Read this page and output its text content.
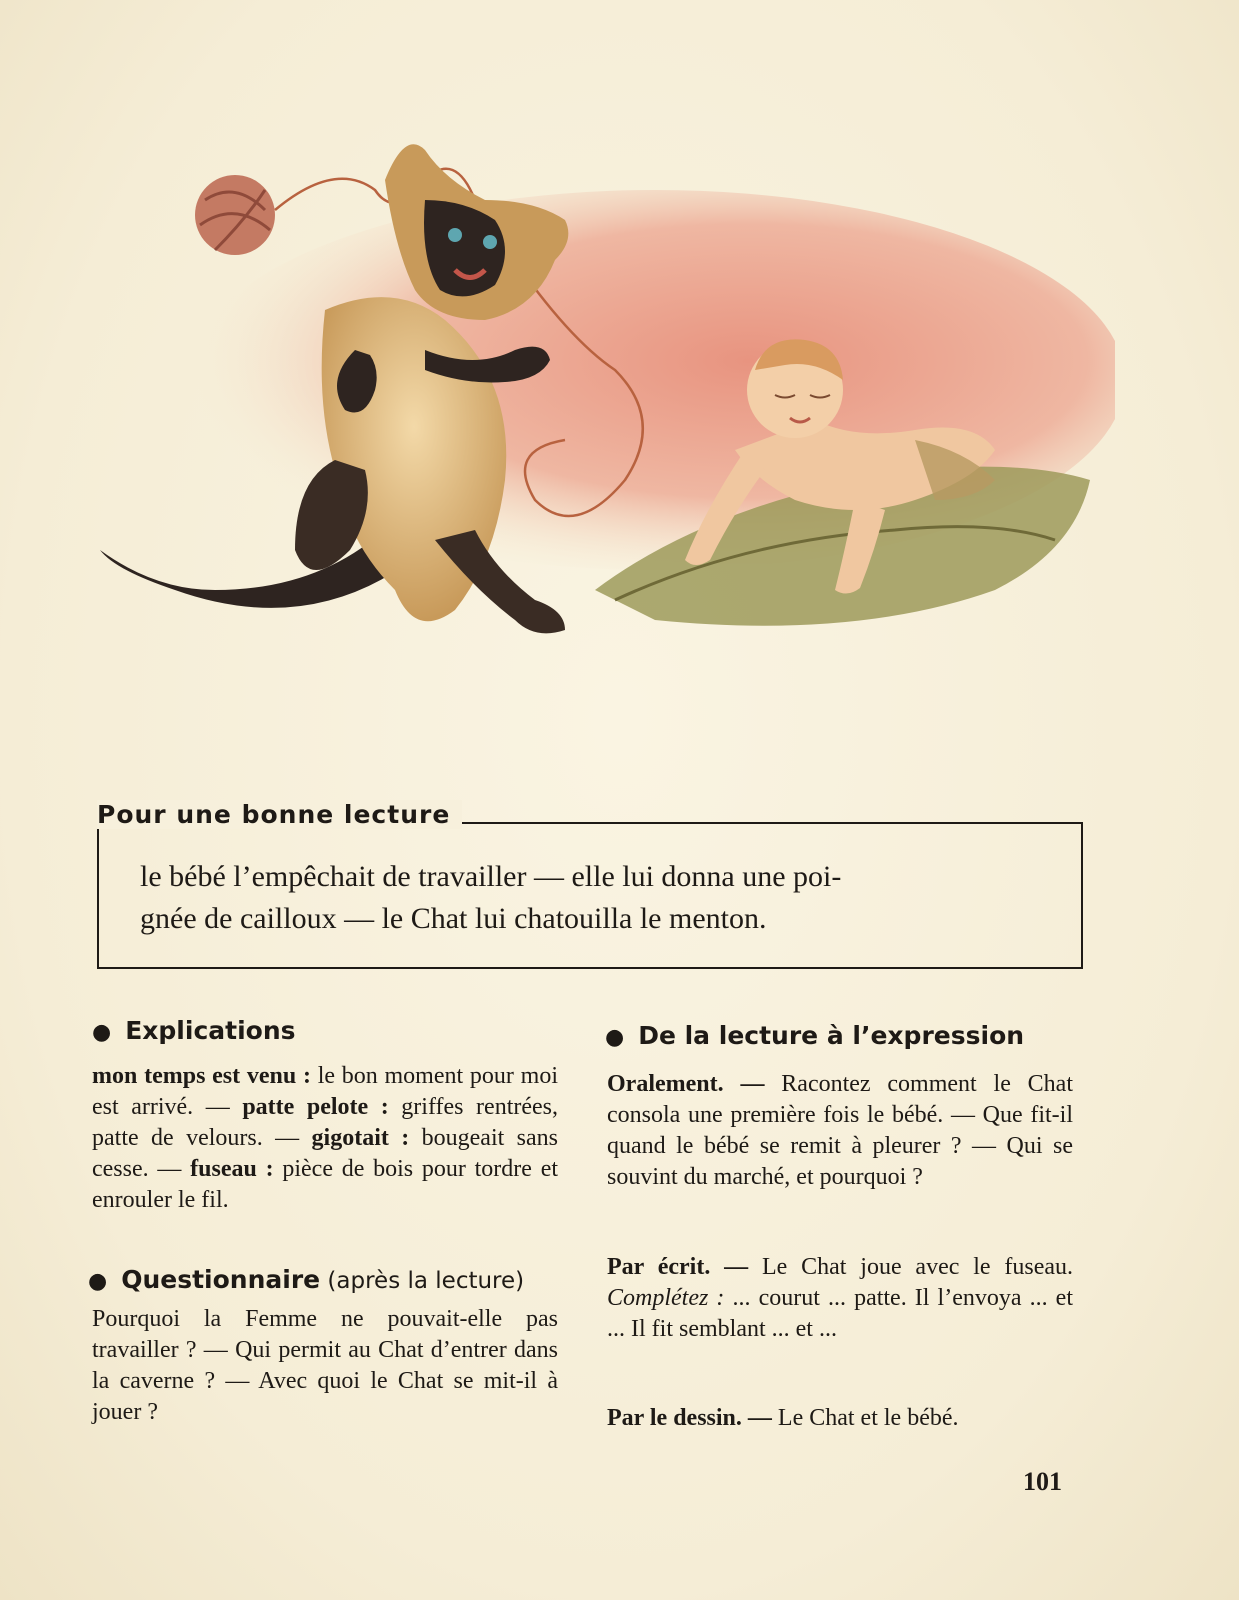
Pour une bonne lecture
le bébé l’empêchait de travailler — elle lui donna une poi-
gnée de cailloux — le Chat lui chatouilla le menton.
● Explications
mon temps est venu : le bon moment pour moi est arrivé. — patte pelote : griffes rentrées, patte de velours. — gigotait : bougeait sans cesse. — fuseau : pièce de bois pour tordre et enrouler le fil.
● Questionnaire (après la lecture)
Pourquoi la Femme ne pouvait-elle pas travailler ? — Qui permit au Chat d’entrer dans la caverne ? — Avec quoi le Chat se mit-il à jouer ?
● De la lecture à l’expression
Oralement. — Racontez comment le Chat consola une première fois le bébé. — Que fit-il quand le bébé se remit à pleurer ? — Qui se souvint du marché, et pourquoi ?
Par écrit. — Le Chat joue avec le fuseau. Complétez : ... courut ... patte. Il l’envoya ... et ... Il fit semblant ... et ...
Par le dessin. — Le Chat et le bébé.
101
